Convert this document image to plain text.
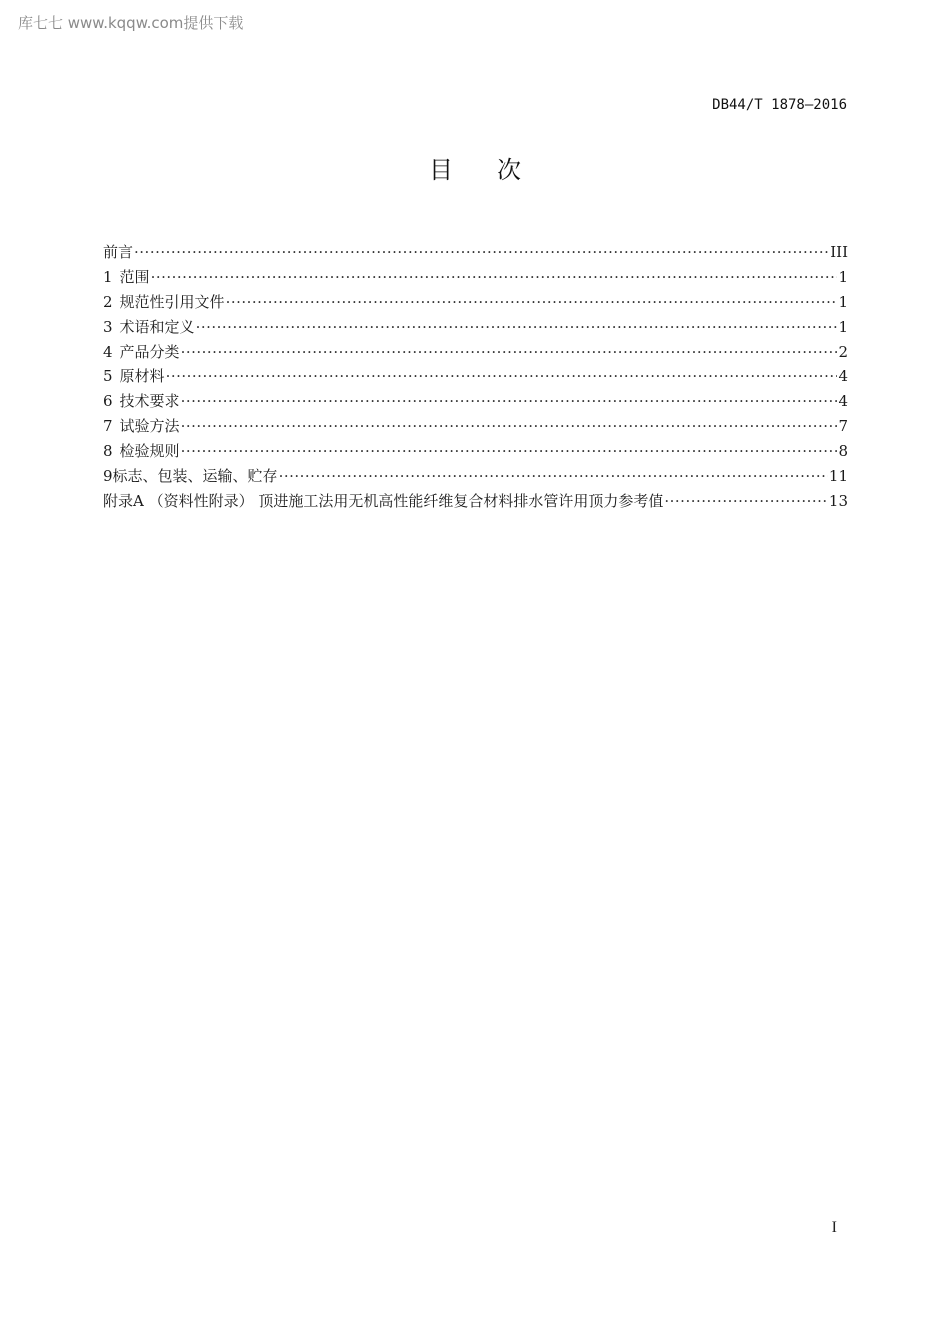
库七七 www.kqqw.com提供下载
DB44/T 1878—2016
目次
前言 ·····	III
1 范围 ·····	1
2 规范性引用文件 ·····	1
3 术语和定义 ·····	1
4 产品分类 ·····	2
5 原材料 ·····	4
6 技术要求 ·····	4
7 试验方法 ·····	7
8 检验规则 ·····	8
9标志、包装、运输、贮存 ·····	11
附录A （资料性附录） 顶进施工法用无机高性能纤维复合材料排水管许用顶力参考值 ·····	13
I
